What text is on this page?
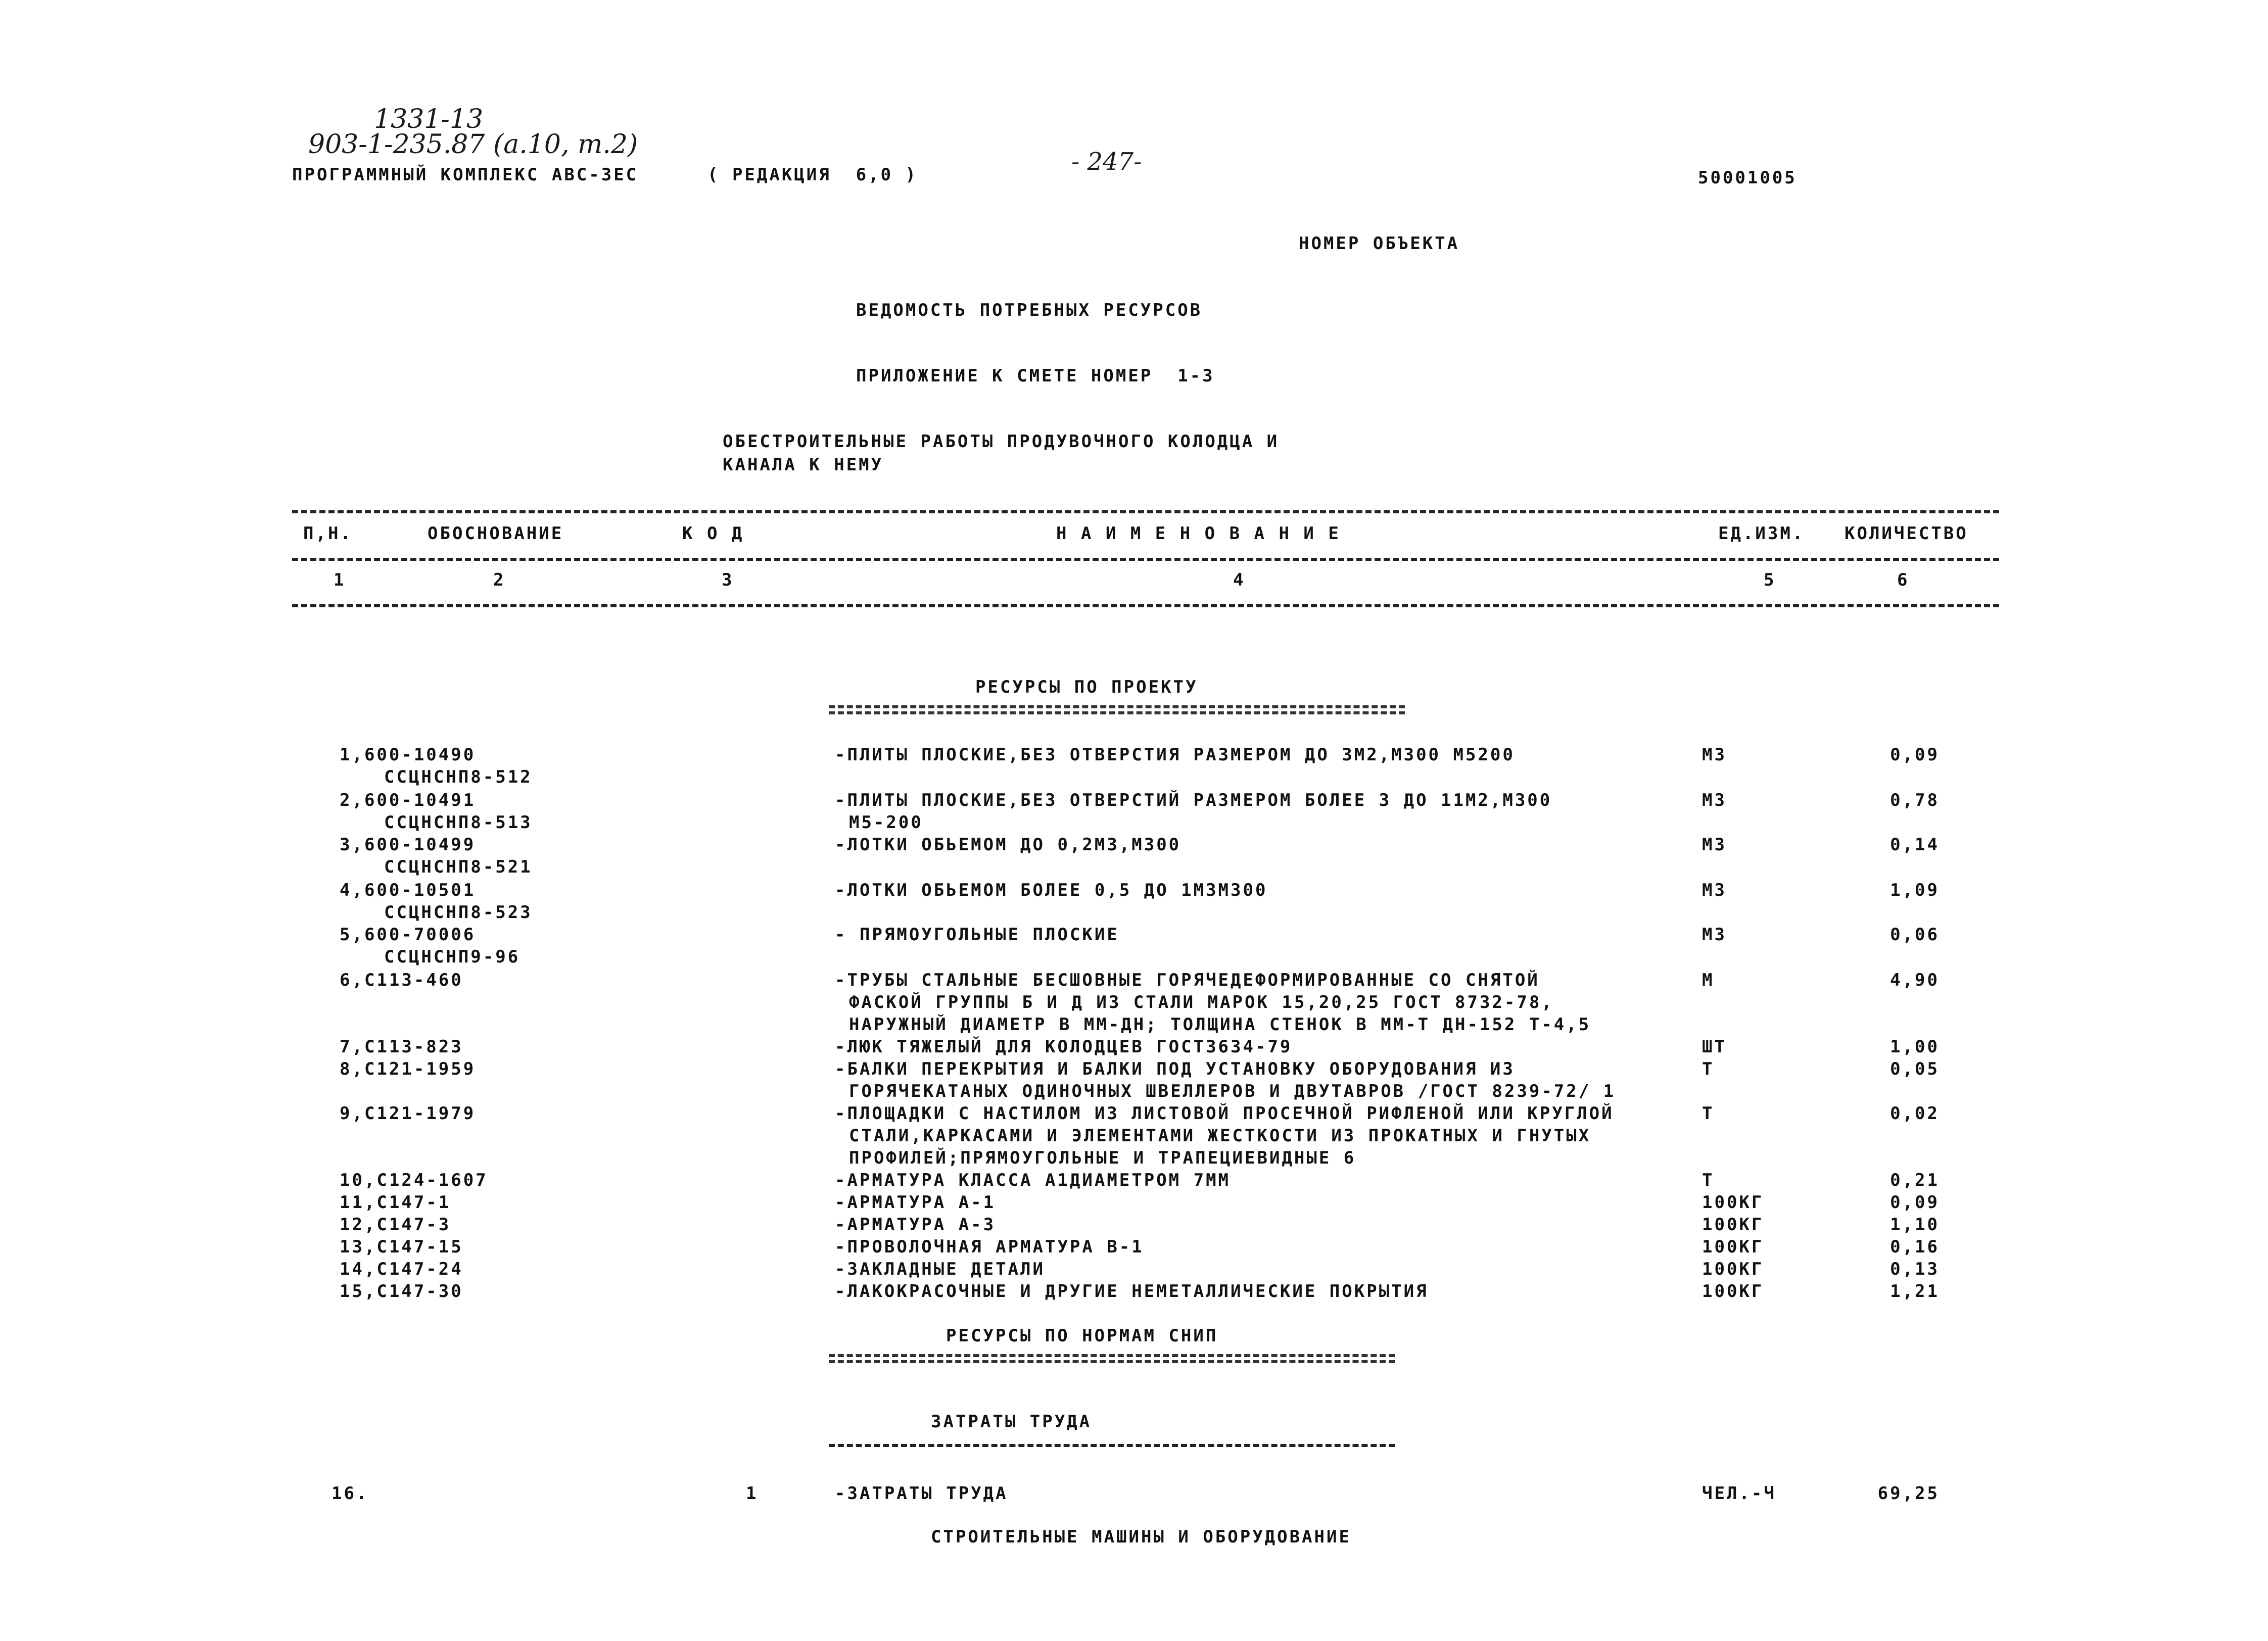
1331-13
903-1-235.87 (a.10, т.2)
- 247-
ПРОГРАММНЫЙ КОМПЛЕКС АВС-3ЕС	( РЕДАКЦИЯ  6,0 )	50001005
НОМЕР ОБЪЕКТА
ВЕДОМОСТЬ ПОТРЕБНЫХ РЕСУРСОВ
ПРИЛОЖЕНИЕ К СМЕТЕ НОМЕР  1-3
ОБЕСТРОИТЕЛЬНЫЕ РАБОТЫ ПРОДУВОЧНОГО КОЛОДЦА И
КАНАЛА К НЕМУ
П,Н.	ОБОСНОВАНИЕ	К О Д	Н А И М Е Н О В А Н И Е	ЕД.ИЗМ. КОЛИЧЕСТВО
1	2	3	4	5	6
РЕСУРСЫ ПО ПРОЕКТУ
1,600-10490	-ПЛИТЫ ПЛОСКИЕ,БЕЗ ОТВЕРСТИЯ РАЗМЕРОМ ДО 3М2,М300 М5200	М3	0,09
ССЦНСНП8-512
2,600-10491	-ПЛИТЫ ПЛОСКИЕ,БЕЗ ОТВЕРСТИЙ РАЗМЕРОМ БОЛЕЕ 3 ДО 11М2,М300	М3	0,78
ССЦНСНП8-513	М5-200
3,600-10499	-ЛОТКИ ОБЬЕМОМ ДО 0,2М3,М300	М3	0,14
ССЦНСНП8-521
4,600-10501	-ЛОТКИ ОБЬЕМОМ БОЛЕЕ 0,5 ДО 1М3М300	М3	1,09
ССЦНСНП8-523
5,600-70006	- ПРЯМОУГОЛЬНЫЕ ПЛОСКИЕ	М3	0,06
ССЦНСНП9-96
6,С113-460	-ТРУБЫ СТАЛЬНЫЕ БЕСШОВНЫЕ ГОРЯЧЕДЕФОРМИРОВАННЫЕ СО СНЯТОЙ	М	4,90
ФАСКОЙ ГРУППЫ Б И Д ИЗ СТАЛИ МАРОК 15,20,25 ГОСТ 8732-78,
НАРУЖНЫЙ ДИАМЕТР В ММ-ДН; ТОЛЩИНА СТЕНОК В ММ-Т ДН-152 Т-4,5
7,С113-823	-ЛЮК ТЯЖЕЛЫЙ ДЛЯ КОЛОДЦЕВ ГОСТ3634-79	ШТ	1,00
8,С121-1959	-БАЛКИ ПЕРЕКРЫТИЯ И БАЛКИ ПОД УСТАНОВКУ ОБОРУДОВАНИЯ ИЗ	Т	0,05
ГОРЯЧЕКАТАНЫХ ОДИНОЧНЫХ ШВЕЛЛЕРОВ И ДВУТАВРОВ /ГОСТ 8239-72/ 1
9,С121-1979	-ПЛОЩАДКИ С НАСТИЛОМ ИЗ ЛИСТОВОЙ ПРОСЕЧНОЙ РИФЛЕНОЙ ИЛИ КРУГЛОЙ	Т	0,02
СТАЛИ,КАРКАСАМИ И ЭЛЕМЕНТАМИ ЖЕСТКОСТИ ИЗ ПРОКАТНЫХ И ГНУТЫХ
ПРОФИЛЕЙ;ПРЯМОУГОЛЬНЫЕ И ТРАПЕЦИЕВИДНЫЕ 6
10,С124-1607	-АРМАТУРА КЛАССА А1ДИАМЕТРОМ 7ММ	Т	0,21
11,С147-1	-АРМАТУРА А-1	100КГ	0,09
12,С147-3	-АРМАТУРА А-3	100КГ	1,10
13,С147-15	-ПРОВОЛОЧНАЯ АРМАТУРА В-1	100КГ	0,16
14,С147-24	-ЗАКЛАДНЫЕ ДЕТАЛИ	100КГ	0,13
15,С147-30	-ЛАКОКРАСОЧНЫЕ И ДРУГИЕ НЕМЕТАЛЛИЧЕСКИЕ ПОКРЫТИЯ	100КГ	1,21
РЕСУРСЫ ПО НОРМАМ СНИП
ЗАТРАТЫ ТРУДА
16.	1	-ЗАТРАТЫ ТРУДА	ЧЕЛ.-Ч	69,25
СТРОИТЕЛЬНЫЕ МАШИНЫ И ОБОРУДОВАНИЕ
